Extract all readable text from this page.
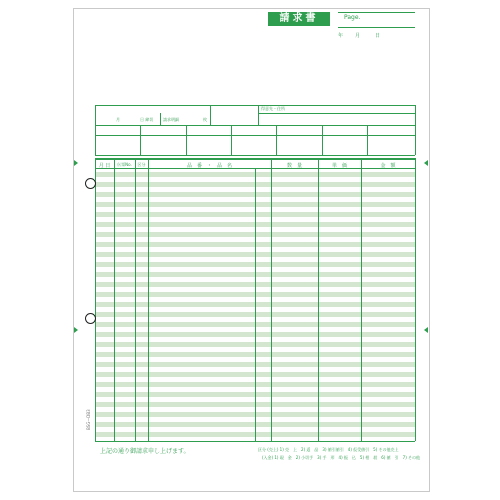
請求書	Page.
年 月	日
月	日 締切 請求明細	枚
得意先・住所
月 日	伝票No.	区分	品　番　・　品　名	数　量	単　価	金　額
上記の通り御請求申し上げます。	区分 (売上) 1) 売　上　2) 返　品　3) 値引値引　4) 仮受値引　5) その他売上
(入金) 1) 現　金　2) 小切手　3) 手　形　4) 振　込　5) 相　殺　6) 値　引　7) その他
BSG—DB3
